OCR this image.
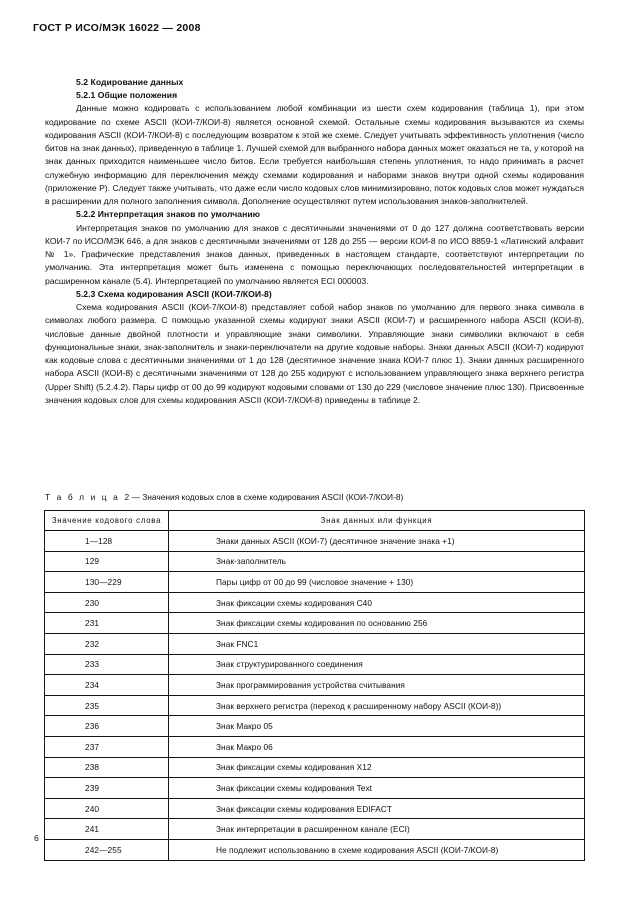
ГОСТ Р ИСО/МЭК 16022 — 2008
5.2 Кодирование данных
5.2.1 Общие положения

Данные можно кодировать с использованием любой комбинации из шести схем кодирования (таблица 1), при этом кодирование по схеме ASCII (КОИ-7/КОИ-8) является основной схемой. Остальные схемы кодирования вызываются из схемы кодирования ASCII (КОИ-7/КОИ-8) с последующим возвратом к этой же схеме. Следует учитывать эффективность уплотнения (число битов на знак данных), приведенную в таблице 1. Лучшей схемой для выбранного набора данных может оказаться не та, у которой на знак данных приходится наименьшее число битов. Если требуется наибольшая степень уплотнения, то надо принимать в расчет служебную информацию для переключения между схемами кодирования и наборами знаков внутри одной схемы кодирования (приложение Р). Следует также учитывать, что даже если число кодовых слов минимизировано, поток кодовых слов может нуждаться в расширении для полного заполнения символа. Дополнение осуществляют путем использования знаков-заполнителей.

5.2.2 Интерпретация знаков по умолчанию

Интерпретация знаков по умолчанию для знаков с десятичными значениями от 0 до 127 должна соответствовать версии КОИ-7 по ИСО/МЭК 646, а для знаков с десятичными значениями от 128 до 255 — версии КОИ-8 по ИСО 8859-1 «Латинский алфавит № 1». Графические представления знаков данных, приведенных в настоящем стандарте, соответствуют интерпретации по умолчанию. Эта интерпретация может быть изменена с помощью переключающих последовательностей интерпретации в расширенном канале (5.4). Интерпретацией по умолчанию является ECI 000003.

5.2.3 Схема кодирования ASCII (КОИ-7/КОИ-8)

Схема кодирования ASCII (КОИ-7/КОИ-8) представляет собой набор знаков по умолчанию для первого знака символа в символах любого размера. С помощью указанной схемы кодируют знаки ASCII (КОИ-7) и расширенного набора ASCII (КОИ-8), числовые данные двойной плотности и управляющие знаки символики. Управляющие знаки символики включают в себя функциональные знаки, знак-заполнитель и знаки-переключатели на другие кодовые наборы. Знаки данных ASCII (КОИ-7) кодируют как кодовые слова с десятичными значениями от 1 до 128 (десятичное значение знака КОИ-7 плюс 1). Знаки данных расширенного набора ASCII (КОИ-8) с десятичными значениями от 128 до 255 кодируют с использованием управляющего знака верхнего регистра (Upper Shift) (5.2.4.2). Пары цифр от 00 до 99 кодируют кодовыми словами от 130 до 229 (числовое значение плюс 130). Присвоенные значения кодовых слов для схемы кодирования ASCII (КОИ-7/КОИ-8) приведены в таблице 2.

Т а б л и ц а 2 — Значения кодовых слов в схеме кодирования ASCII (КОИ-7/КОИ-8)
Значение кодового слова	Знак данных или функция
1—128	Знаки данных ASCII (КОИ-7) (десятичное значение знака +1)
129	Знак-заполнитель
130—229	Пары цифр от 00 до 99 (числовое значение + 130)
230	Знак фиксации схемы кодирования С40
231	Знак фиксации схемы кодирования по основанию 256
232	Знак FNC1
233	Знак структурированного соединения
234	Знак программирования устройства считывания
235	Знак верхнего регистра (переход к расширенному набору ASCII (КОИ-8))
236	Знак Макро 05
237	Знак Макро 06
238	Знак фиксации схемы кодирования Х12
239	Знак фиксации схемы кодирования Text
240	Знак фиксации схемы кодирования EDIFACT
241	Знак интерпретации в расширенном канале (ECI)
242—255	Не подлежит использованию в схеме кодирования ASCII (КОИ-7/КОИ-8)
6
